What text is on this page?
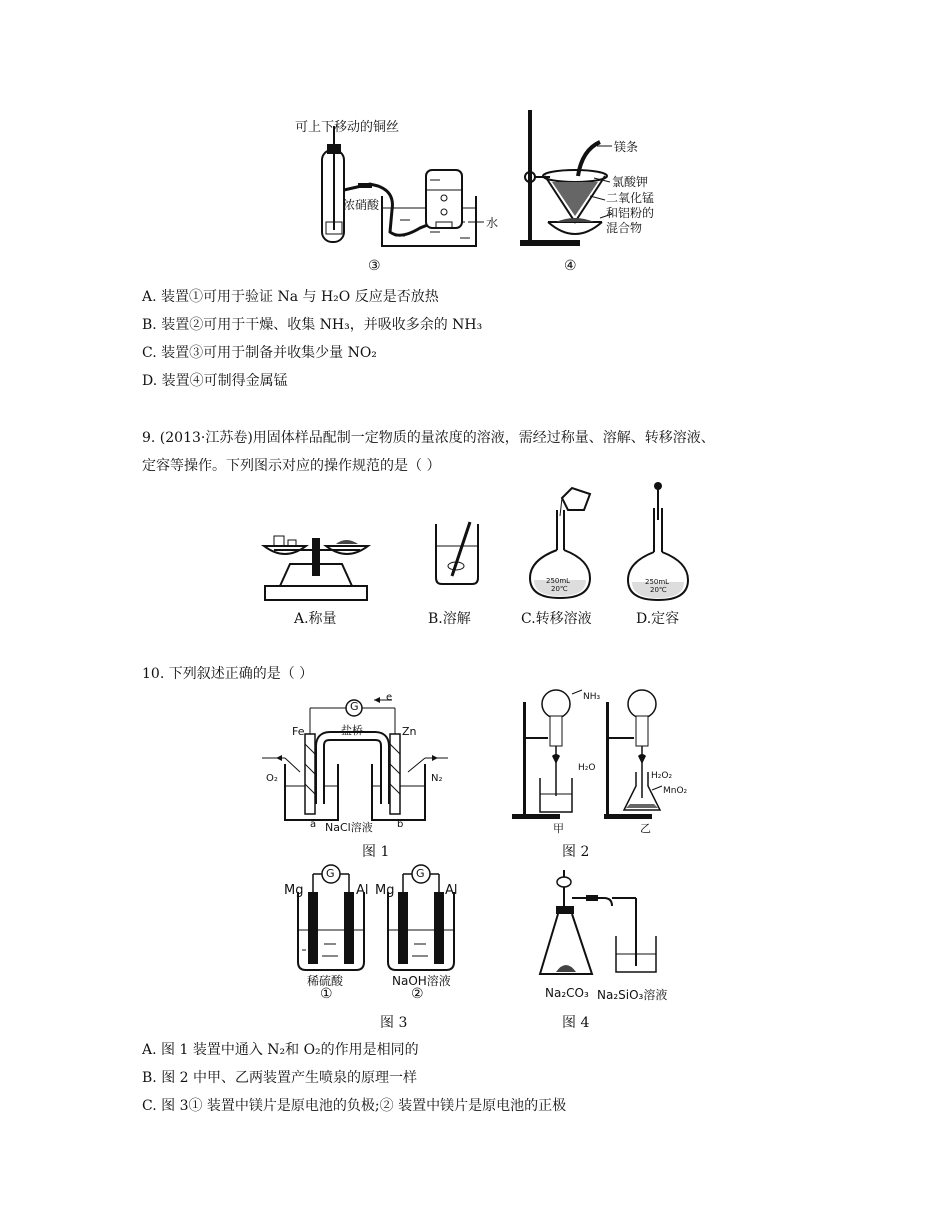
可上下移动的铜丝
浓硝酸
水
镁条
氯酸钾
二氧化锰
和铝粉的
混合物
③	④
A. 装置①可用于验证 Na 与 H₂O 反应是否放热
B. 装置②可用于干燥、收集 NH₃，并吸收多余的 NH₃
C. 装置③可用于制备并收集少量 NO₂
D. 装置④可制得金属锰
9. (2013·江苏卷)用固体样品配制一定物质的量浓度的溶液，需经过称量、溶解、转移溶液、
定容等操作。下列图示对应的操作规范的是（ ）
250mL
20℃
250mL
20℃
A.称量	B.溶解	C.转移溶液	D.定容
10. 下列叙述正确的是（ ）
G
e
Fe	盐桥	Zn
O₂	N₂
a NaCl溶液 b
图 1
NH₃
H₂O
H₂O₂
MnO₂
甲	乙
图 2
G	G
Mg	Al Mg	Al
稀硫酸	NaOH溶液
①	②
图 3
Na₂CO₃ Na₂SiO₃溶液
图 4
A. 图 1 装置中通入 N₂和 O₂的作用是相同的
B. 图 2 中甲、乙两装置产生喷泉的原理一样
C. 图 3① 装置中镁片是原电池的负极;② 装置中镁片是原电池的正极
